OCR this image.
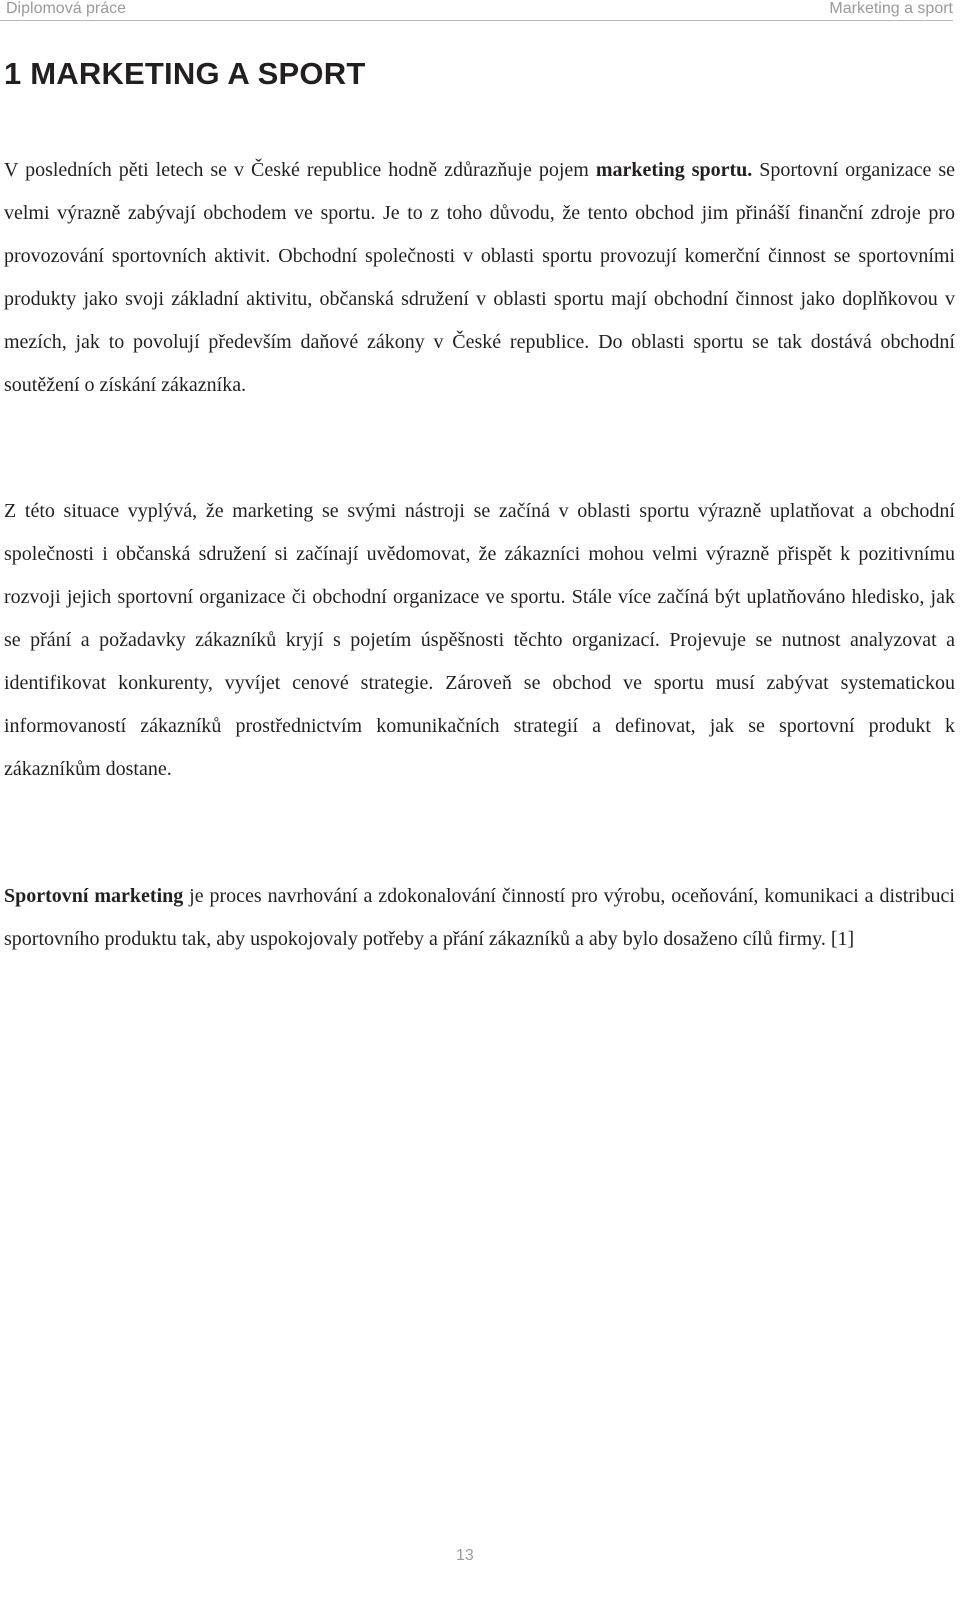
Diplomová práce	Marketing a sport
1 MARKETING A SPORT

V posledních pěti letech se v České republice hodně zdůrazňuje pojem marketing sportu. Sportovní organizace se velmi výrazně zabývají obchodem ve sportu. Je to z toho důvodu, že tento obchod jim přináší finanční zdroje pro provozování sportovních aktivit. Obchodní společnosti v oblasti sportu provozují komerční činnost se sportovními produkty jako svoji základní aktivitu, občanská sdružení v oblasti sportu mají obchodní činnost jako doplňkovou v mezích, jak to povolují především daňové zákony v České republice. Do oblasti sportu se tak dostává obchodní soutěžení o získání zákazníka.

Z této situace vyplývá, že marketing se svými nástroji se začíná v oblasti sportu výrazně uplatňovat a obchodní společnosti i občanská sdružení si začínají uvědomovat, že zákazníci mohou velmi výrazně přispět k pozitivnímu rozvoji jejich sportovní organizace či obchodní organizace ve sportu. Stále více začíná být uplatňováno hledisko, jak se přání a požadavky zákazníků kryjí s pojetím úspěšnosti těchto organizací. Projevuje se nutnost analyzovat a identifikovat konkurenty, vyvíjet cenové strategie. Zároveň se obchod ve sportu musí zabývat systematickou informovaností zákazníků prostřednictvím komunikačních strategií a definovat, jak se sportovní produkt k zákazníkům dostane.

Sportovní marketing je proces navrhování a zdokonalování činností pro výrobu, oceňování, komunikaci a distribuci sportovního produktu tak, aby uspokojovaly potřeby a přání zákazníků a aby bylo dosaženo cílů firmy. [1]

13
